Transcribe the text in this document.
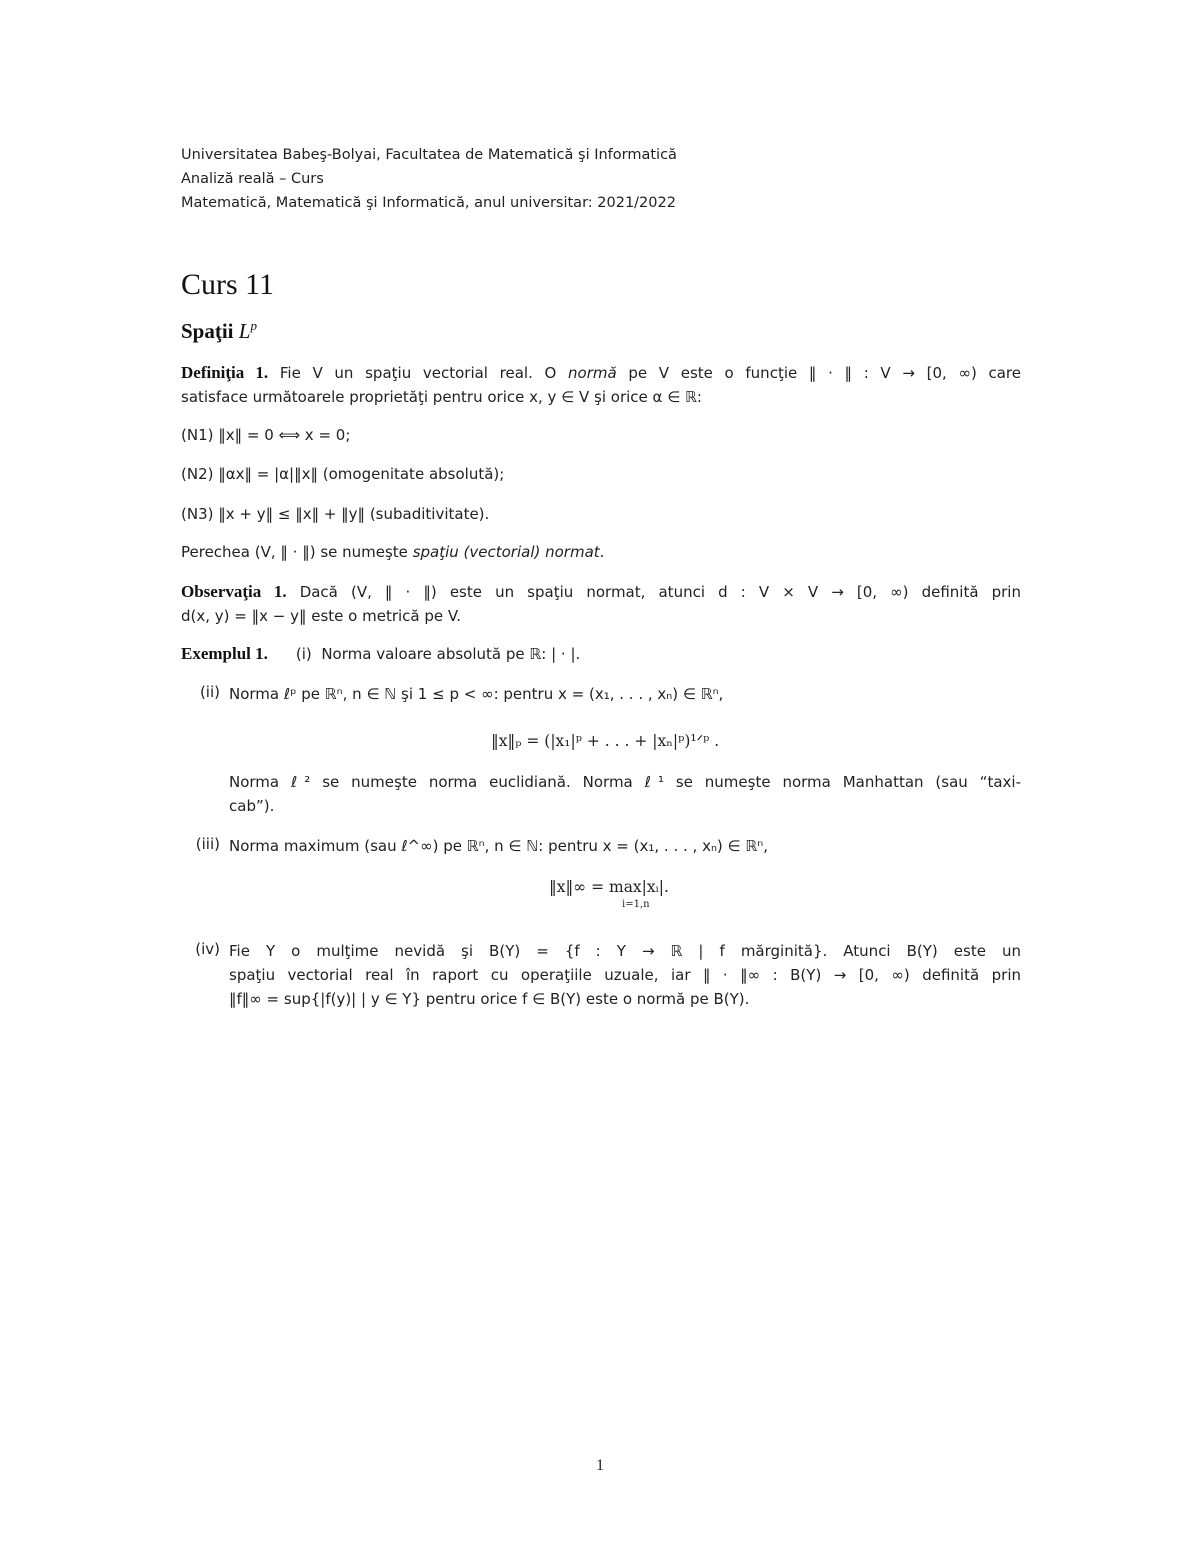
Universitatea Babeş-Bolyai, Facultatea de Matematică şi Informatică
Analiză reală – Curs
Matematică, Matematică şi Informatică, anul universitar: 2021/2022
Curs 11
Spaţii $L^p$
Definiţia 1. Fie V un spaţiu vectorial real. O normă pe V este o funcţie ‖ · ‖ : V → [0, ∞) care
satisface următoarele proprietăţi pentru orice x, y ∈ V şi orice α ∈ ℝ:
(N1) ‖x‖ = 0 ⟺ x = 0;
(N2) ‖αx‖ = |α|‖x‖ (omogenitate absolută);
(N3) ‖x + y‖ ≤ ‖x‖ + ‖y‖ (subaditivitate).
Perechea (V, ‖ · ‖) se numeşte spaţiu (vectorial) normat.
Observaţia 1. Dacă (V, ‖ · ‖) este un spaţiu normat, atunci d : V × V → [0, ∞) definită prin
d(x, y) = ‖x − y‖ este o metrică pe V.
Exemplul 1. (i) Norma valoare absolută pe ℝ: | · |.
(ii) Norma ℓᵖ pe ℝⁿ, n ∈ ℕ şi 1 ≤ p < ∞: pentru x = (x₁, . . . , xₙ) ∈ ℝⁿ,
‖x‖ₚ = (|x₁|ᵖ + . . . + |xₙ|ᵖ)¹ᐟᵖ .
Norma ℓ² se numeşte norma euclidiană. Norma ℓ¹ se numeşte norma Manhattan (sau “taxi-
cab”).
(iii) Norma maximum (sau ℓ^∞) pe ℝⁿ, n ∈ ℕ: pentru x = (x₁, . . . , xₙ) ∈ ℝⁿ,
‖x‖∞ = max|xᵢ|.
i=1,n
(iv) Fie Y o mulţime nevidă şi B(Y) = {f : Y → ℝ | f mărginită}. Atunci B(Y) este un
spaţiu vectorial real în raport cu operaţiile uzuale, iar ‖ · ‖∞ : B(Y) → [0, ∞) definită prin
‖f‖∞ = sup{|f(y)| | y ∈ Y} pentru orice f ∈ B(Y) este o normă pe B(Y).
1
